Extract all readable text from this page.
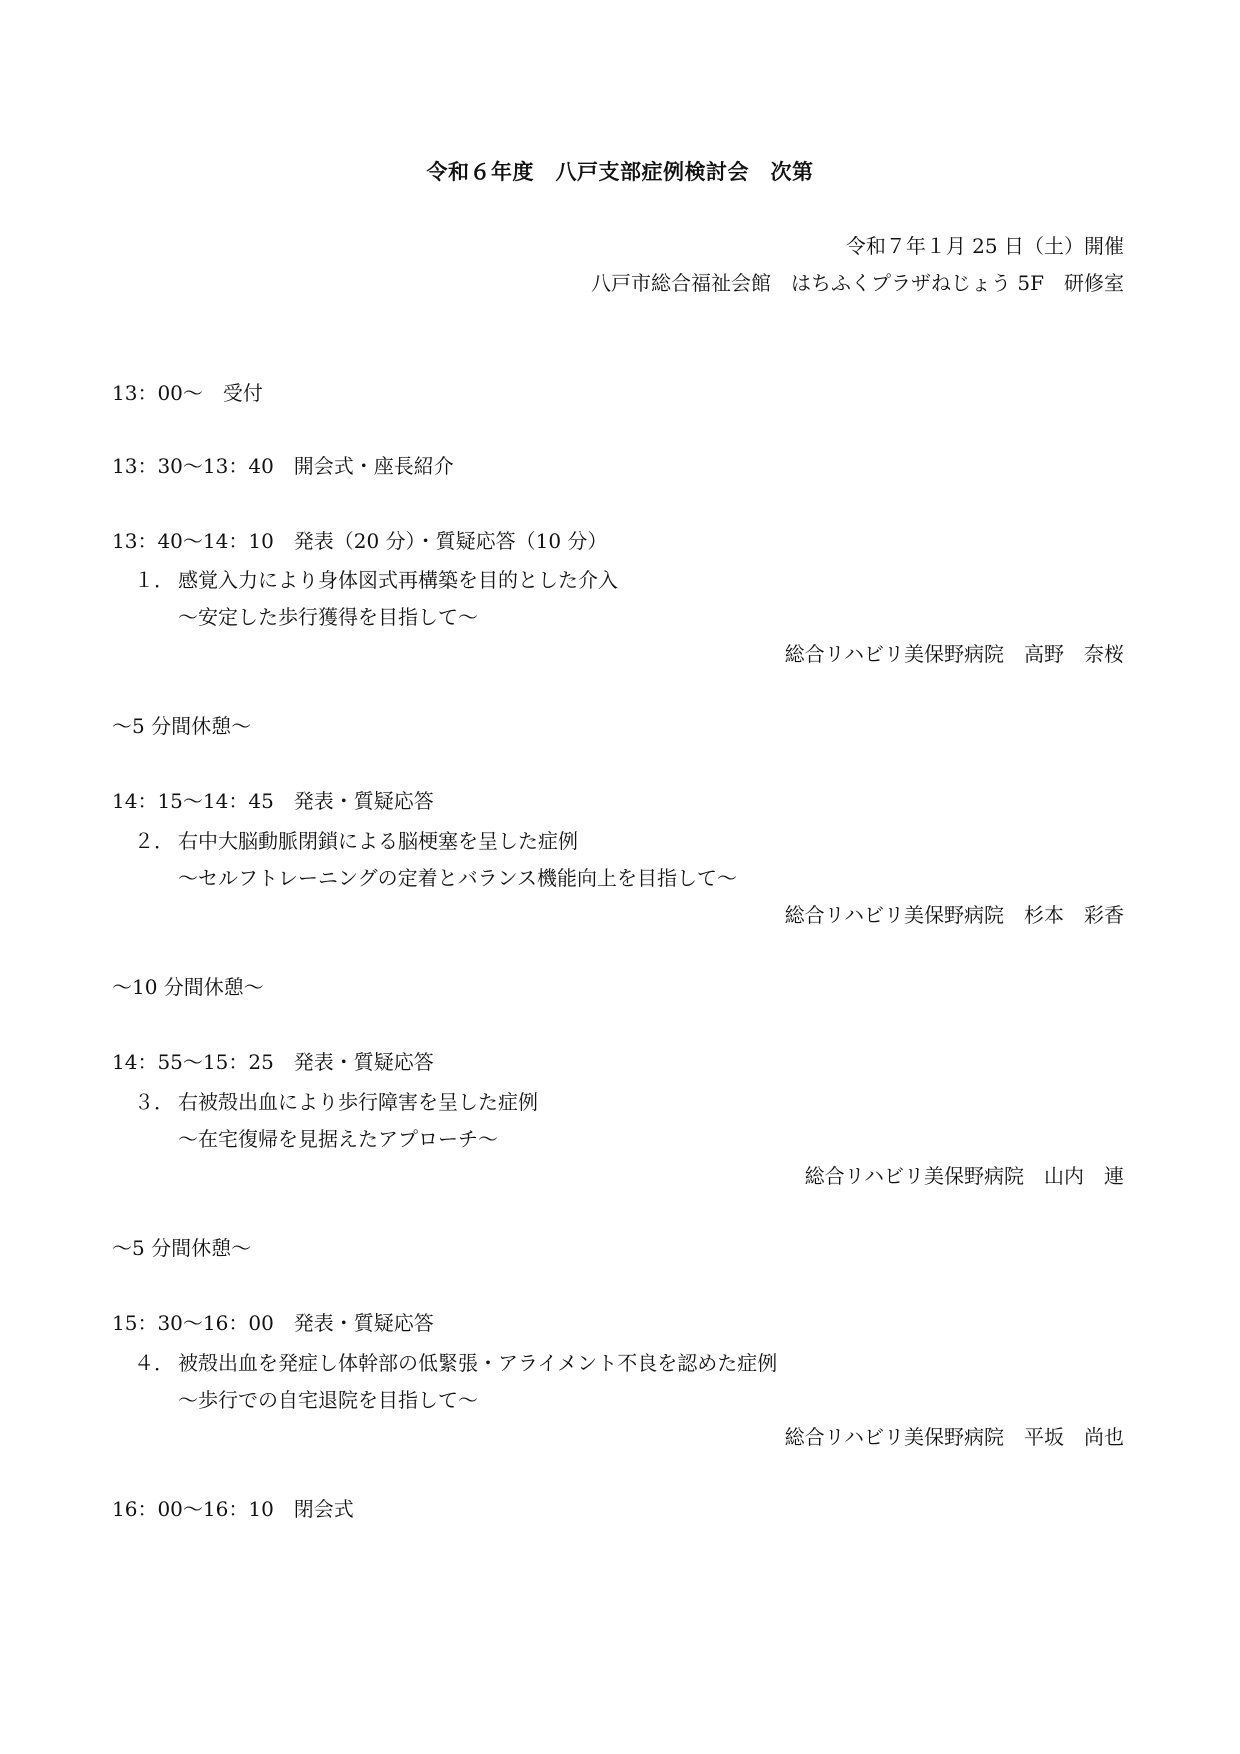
令和６年度　八戸支部症例検討会　次第
令和７年１月 25 日（土）開催
八戸市総合福祉会館　はちふくプラザねじょう 5F　研修室
13：00～　受付
13：30～13：40　開会式・座長紹介
13：40～14：10　発表（20 分）・質疑応答（10 分）
１． 感覚入力により身体図式再構築を目的とした介入
～安定した歩行獲得を目指して～
総合リハビリ美保野病院　高野　奈桜
～5 分間休憩～
14：15～14：45　発表・質疑応答
２． 右中大脳動脈閉鎖による脳梗塞を呈した症例
～セルフトレーニングの定着とバランス機能向上を目指して～
総合リハビリ美保野病院　杉本　彩香
～10 分間休憩～
14：55～15：25　発表・質疑応答
３． 右被殻出血により歩行障害を呈した症例
～在宅復帰を見据えたアプローチ～
総合リハビリ美保野病院　山内　連
～5 分間休憩～
15：30～16：00　発表・質疑応答
４． 被殻出血を発症し体幹部の低緊張・アライメント不良を認めた症例
～歩行での自宅退院を目指して～
総合リハビリ美保野病院　平坂　尚也
16：00～16：10　閉会式
